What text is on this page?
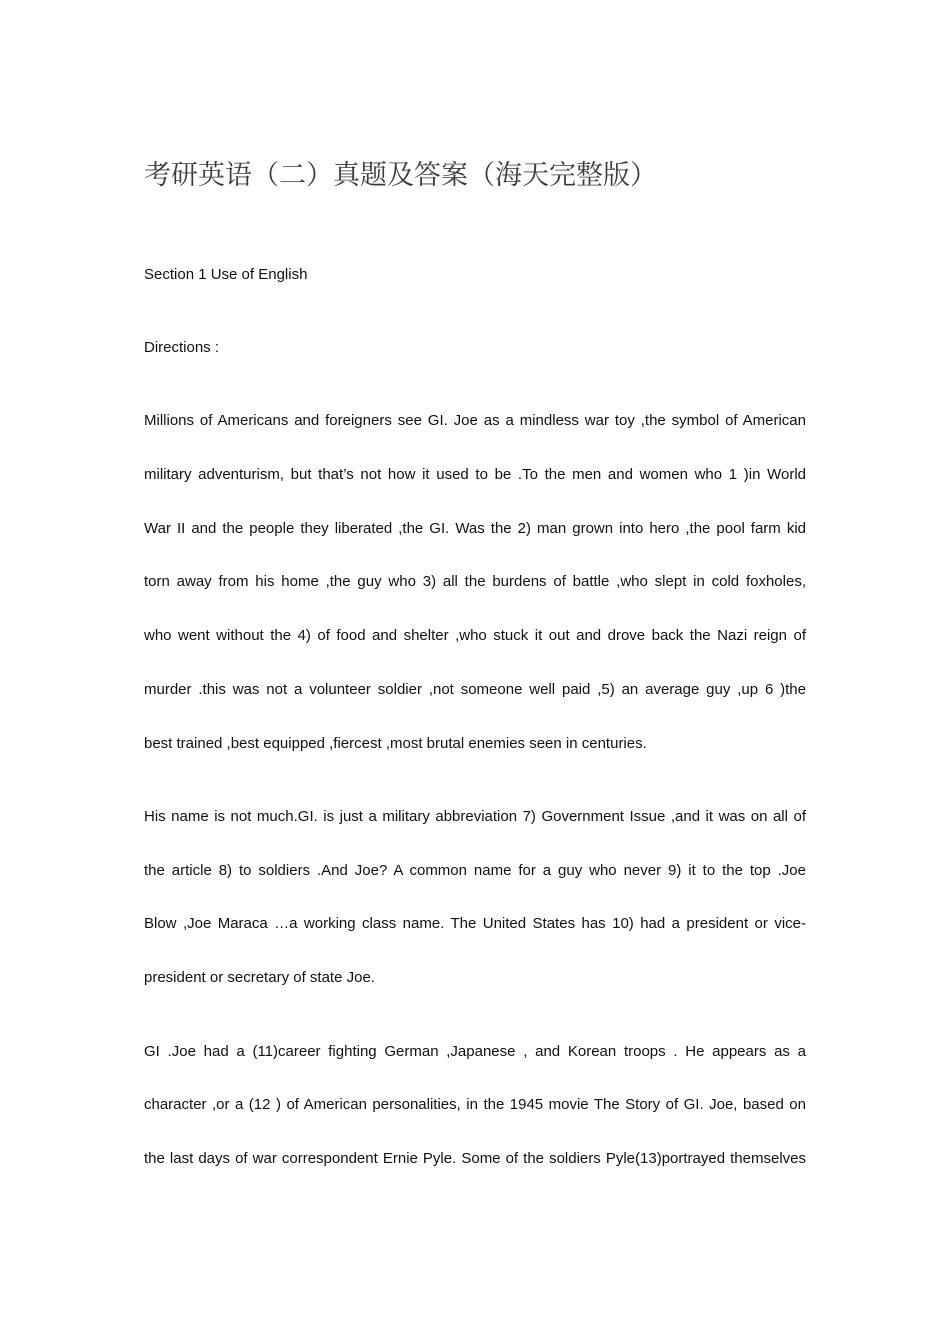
考研英语（二）真题及答案（海天完整版）
Section 1 Use of English
Directions :
Millions of Americans and foreigners see GI. Joe as a mindless war toy ,the symbol of American
military adventurism, but that’s not how it used to be .To the men and women who 1 )in World
War II and the people they liberated ,the GI. Was the 2) man grown into hero ,the pool farm kid
torn away from his home ,the guy who 3) all the burdens of battle ,who slept in cold foxholes,
who went without the 4) of food and shelter ,who stuck it out and drove back the Nazi reign of
murder .this was not a volunteer soldier ,not someone well paid ,5) an average guy ,up 6 )the
best trained ,best equipped ,fiercest ,most brutal enemies seen in centuries.
His name is not much.GI. is just a military abbreviation 7) Government Issue ,and it was on all of
the article 8) to soldiers .And Joe? A common name for a guy who never 9) it to the top .Joe
Blow ,Joe Maraca …a working class name. The United States has 10) had a president or vice-
president or secretary of state Joe.
GI .Joe had a (11)career fighting German ,Japanese , and Korean troops . He appears as a
character ,or a (12 ) of American personalities, in the 1945 movie The Story of GI. Joe, based on
the last days of war correspondent Ernie Pyle. Some of the soldiers Pyle(13)portrayed themselves
